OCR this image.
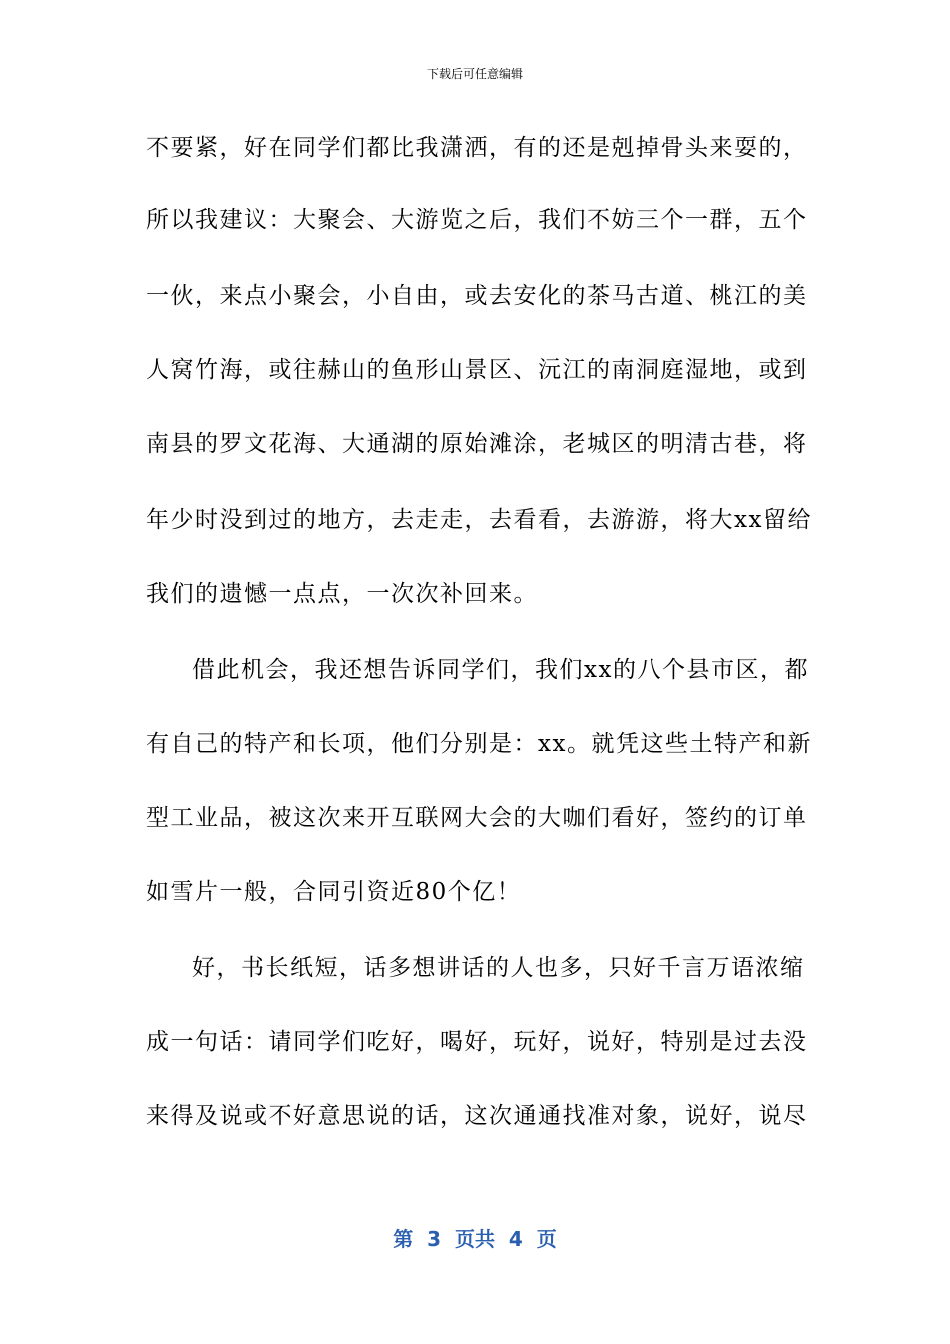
下载后可任意编辑
不要紧，好在同学们都比我潇洒，有的还是剋掉骨头来耍的，
所以我建议：大聚会、大游览之后，我们不妨三个一群，五个
一伙，来点小聚会，小自由，或去安化的茶马古道、桃江的美
人窝竹海，或往赫山的鱼形山景区、沅江的南洞庭湿地，或到
南县的罗文花海、大通湖的原始滩涂，老城区的明清古巷，将
年少时没到过的地方，去走走，去看看，去游游，将大xx留给
我们的遗憾一点点，一次次补回来。
借此机会，我还想告诉同学们，我们xx的八个县市区，都
有自己的特产和长项，他们分别是：xx。就凭这些土特产和新
型工业品，被这次来开互联网大会的大咖们看好，签约的订单
如雪片一般，合同引资近80个亿！
好，书长纸短，话多想讲话的人也多，只好千言万语浓缩
成一句话：请同学们吃好，喝好，玩好，说好，特别是过去没
来得及说或不好意思说的话，这次通通找准对象，说好，说尽
第  3  页共  4  页
